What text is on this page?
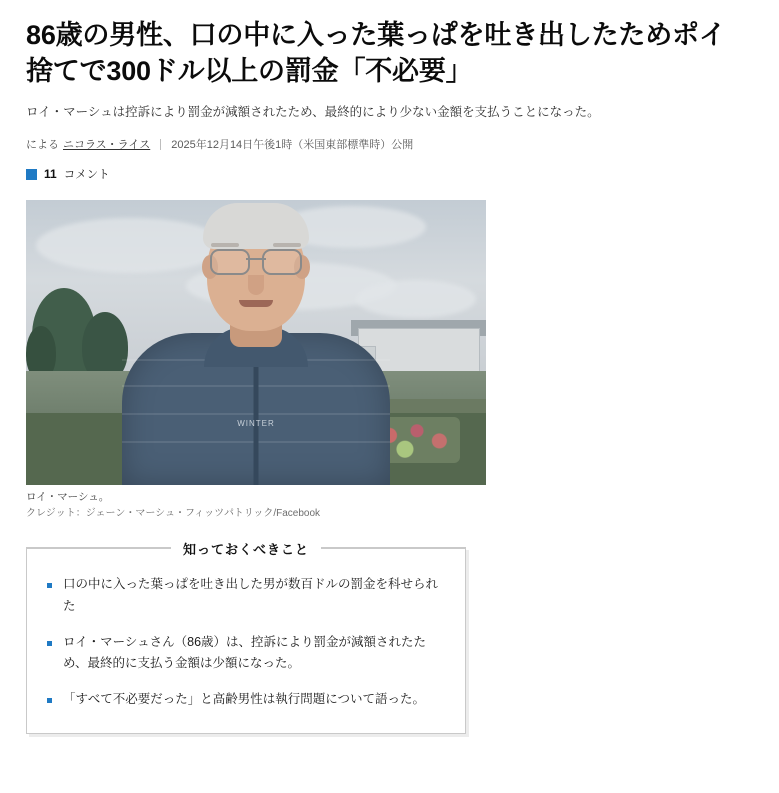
86歳の男性、口の中に入った葉っぱを吐き出したためポイ捨てで300ドル以上の罰金「不必要」

ロイ・マーシュは控訴により罰金が減額されたため、最終的により少ない金額を支払うことになった。

による ニコラス・ライス 2025年12月14日午後1時（米国東部標準時）公開
11 コメント
WINTER
ロイ・マーシュ。
クレジット：ジェーン・マーシュ・フィッツパトリック/Facebook
知っておくべきこと
口の中に入った葉っぱを吐き出した男が数百ドルの罰金を科せられた
ロイ・マーシュさん（86歳）は、控訴により罰金が減額されたため、最終的に支払う金額は少額になった。
「すべて不必要だった」と高齢男性は執行問題について語った。
